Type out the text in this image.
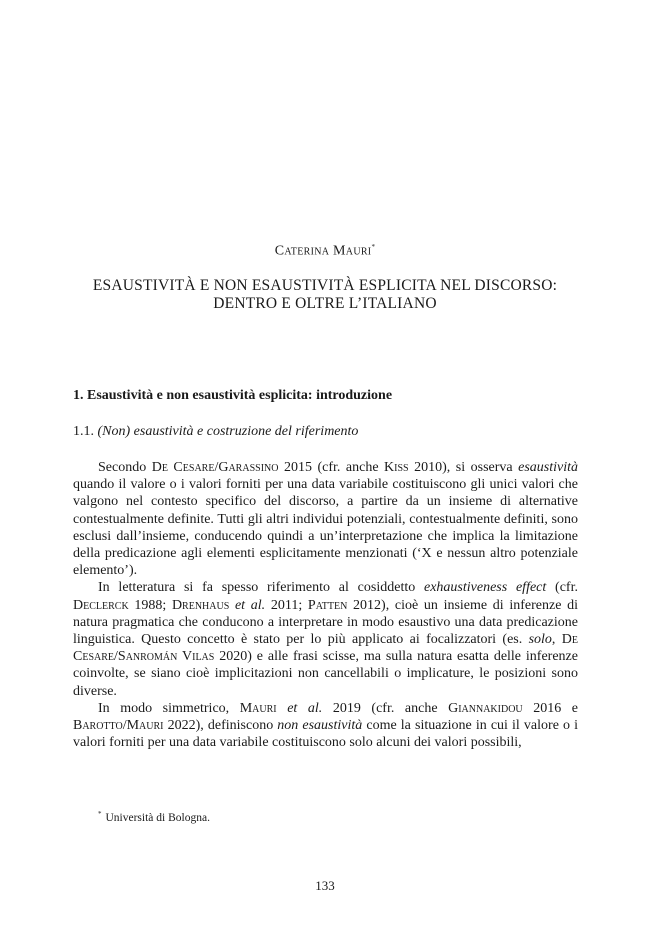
Caterina Mauri*
ESAUSTIVITÀ E NON ESAUSTIVITÀ ESPLICITA NEL DISCORSO:
DENTRO E OLTRE L’ITALIANO
1. Esaustività e non esaustività esplicita: introduzione
1.1. (Non) esaustività e costruzione del riferimento

Secondo De Cesare/Garassino 2015 (cfr. anche Kiss 2010), si osserva esaustività quando il valore o i valori forniti per una data variabile costituiscono gli unici valori che valgono nel contesto specifico del discorso, a partire da un insieme di alternative contestualmente definite. Tutti gli altri individui potenziali, contestualmente definiti, sono esclusi dall’insieme, conducendo quindi a un’interpretazione che implica la limitazione della predicazione agli elementi esplicitamente menzionati (‘X e nessun altro potenziale elemento’).

In letteratura si fa spesso riferimento al cosiddetto exhaustiveness effect (cfr. Declerck 1988; Drenhaus et al. 2011; Patten 2012), cioè un insieme di inferenze di natura pragmatica che conducono a interpretare in modo esaustivo una data predicazione linguistica. Questo concetto è stato per lo più applicato ai focalizzatori (es. solo, De Cesare/Sanromán Vilas 2020) e alle frasi scisse, ma sulla natura esatta delle inferenze coinvolte, se siano cioè implicitazioni non cancellabili o implicature, le posizioni sono diverse.

In modo simmetrico, Mauri et al. 2019 (cfr. anche Giannakidou 2016 e Barotto/Mauri 2022), definiscono non esaustività come la situazione in cui il valore o i valori forniti per una data variabile costituiscono solo alcuni dei valori possibili,

* Università di Bologna.
133
